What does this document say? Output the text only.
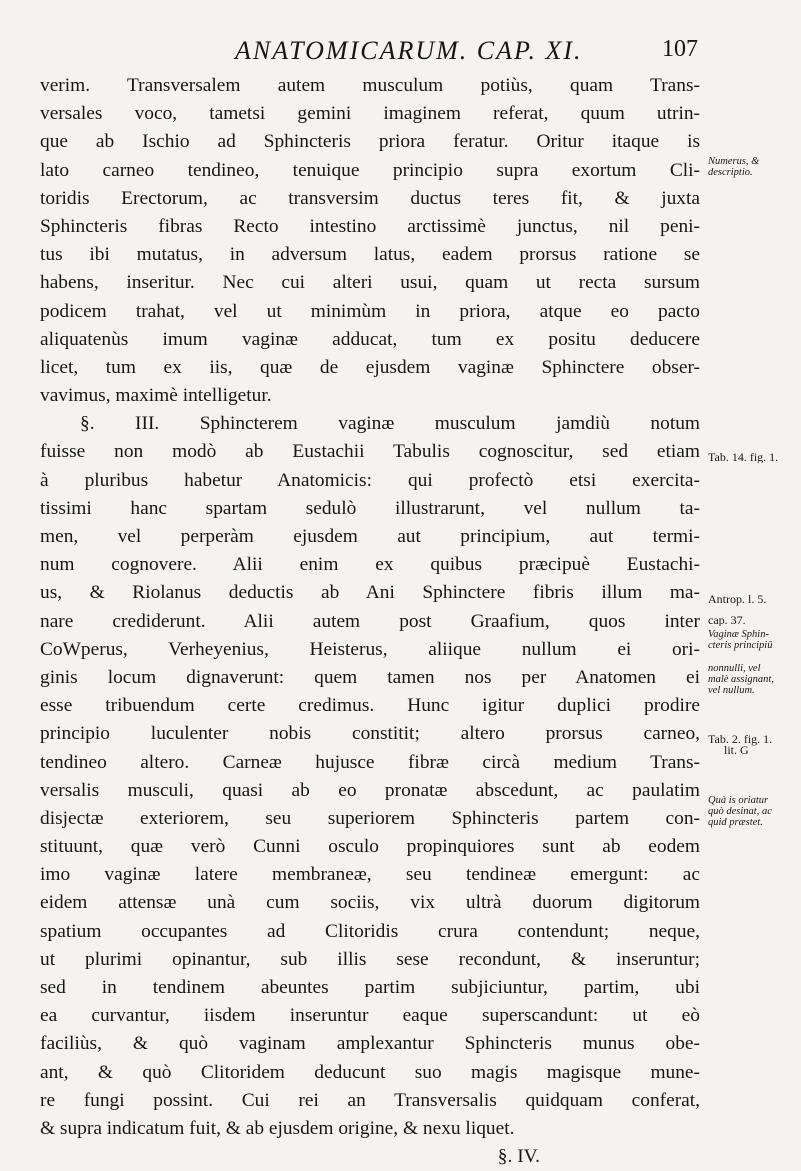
ANATOMICARUM. CAP. XI.	107
verim. Transversalem autem musculum potiùs, quam Trans-
versales voco, tametsi gemini imaginem referat, quum utrin-
que ab Ischio ad Sphincteris priora feratur. Oritur itaque is
lato carneo tendineo, tenuique principio supra exortum Cli-
toridis Erectorum, ac transversim ductus teres fit, & juxta
Sphincteris fibras Recto intestino arctissimè junctus, nil peni-
tus ibi mutatus, in adversum latus, eadem prorsus ratione se
habens, inseritur. Nec cui alteri usui, quam ut recta sursum
podicem trahat, vel ut minimùm in priora, atque eo pacto
aliquatenùs imum vaginæ adducat, tum ex positu deducere
licet, tum ex iis, quæ de ejusdem vaginæ Sphinctere obser-
vavimus, maximè intelligetur.
§. III. Sphincterem vaginæ musculum jamdiù notum
fuisse non modò ab Eustachii Tabulis cognoscitur, sed etiam
à pluribus habetur Anatomicis: qui profectò etsi exercita-
tissimi hanc spartam sedulò illustrarunt, vel nullum ta-
men, vel perperàm ejusdem aut principium, aut termi-
num cognovere. Alii enim ex quibus præcipuè Eustachi-
us, & Riolanus deductis ab Ani Sphinctere fibris illum ma-
nare crediderunt. Alii autem post Graafium, quos inter
CoWperus, Verheyenius, Heisterus, aliique nullum ei ori-
ginis locum dignaverunt: quem tamen nos per Anatomen ei
esse tribuendum certe credimus. Hunc igitur duplici prodire
principio luculenter nobis constitit; altero prorsus carneo,
tendineo altero. Carneæ hujusce fibræ circà medium Trans-
versalis musculi, quasi ab eo pronatæ abscedunt, ac paulatim
disjectæ exteriorem, seu superiorem Sphincteris partem con-
stituunt, quæ verò Cunni osculo propinquiores sunt ab eodem
imo vaginæ latere membraneæ, seu tendineæ emergunt: ac
eidem attensæ unà cum sociis, vix ultrà duorum digitorum
spatium occupantes ad Clitoridis crura contendunt; neque,
ut plurimi opinantur, sub illis sese recondunt, & inseruntur;
sed in tendinem abeuntes partim subjiciuntur, partim, ubi
ea curvantur, iisdem inseruntur eaque superscandunt: ut eò
faciliùs, & quò vaginam amplexantur Sphincteris munus obe-
ant, & quò Clitoridem deducunt suo magis magisque mune-
re fungi possint. Cui rei an Transversalis quidquam conferat,
& supra indicatum fuit, & ab ejusdem origine, & nexu liquet.
§. IV.
Numerus, &
descriptio.
Tab. 14. fig. 1.
Antrop. l. 5.
cap. 37.
Vaginæ Sphin-
cteris principiū
nonnulli, vel
malè assignant,
vel nullum.
Tab. 2. fig. 1.
lit. G
Quà is oriatur
quò desinat, ac
quid præstet.
